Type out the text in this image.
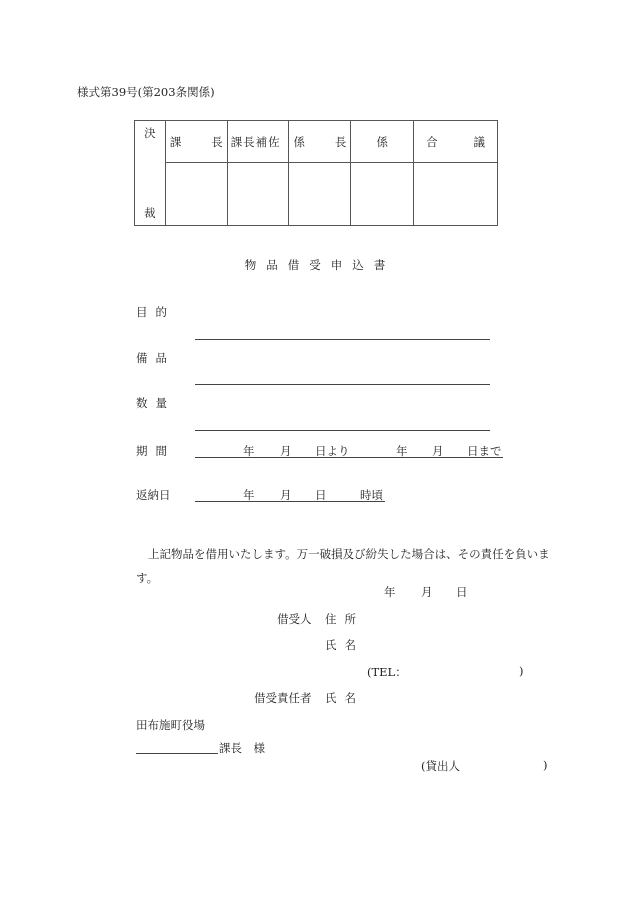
様式第39号(第203条関係)
決
裁	課 長	課長補佐	係 長	係	合 議

物品借受申込書
目的
備品
数量
期間	年 月 日より	年 月 日まで
返納日	年 月 日	時頃
上記物品を借用いたします。万一破損及び紛失した場合は、その責任を負います。
年 月 日
借受人 住所
氏名
(TEL：	)
借受責任者 氏名
田布施町役場
課長　様
(貸出人	)
